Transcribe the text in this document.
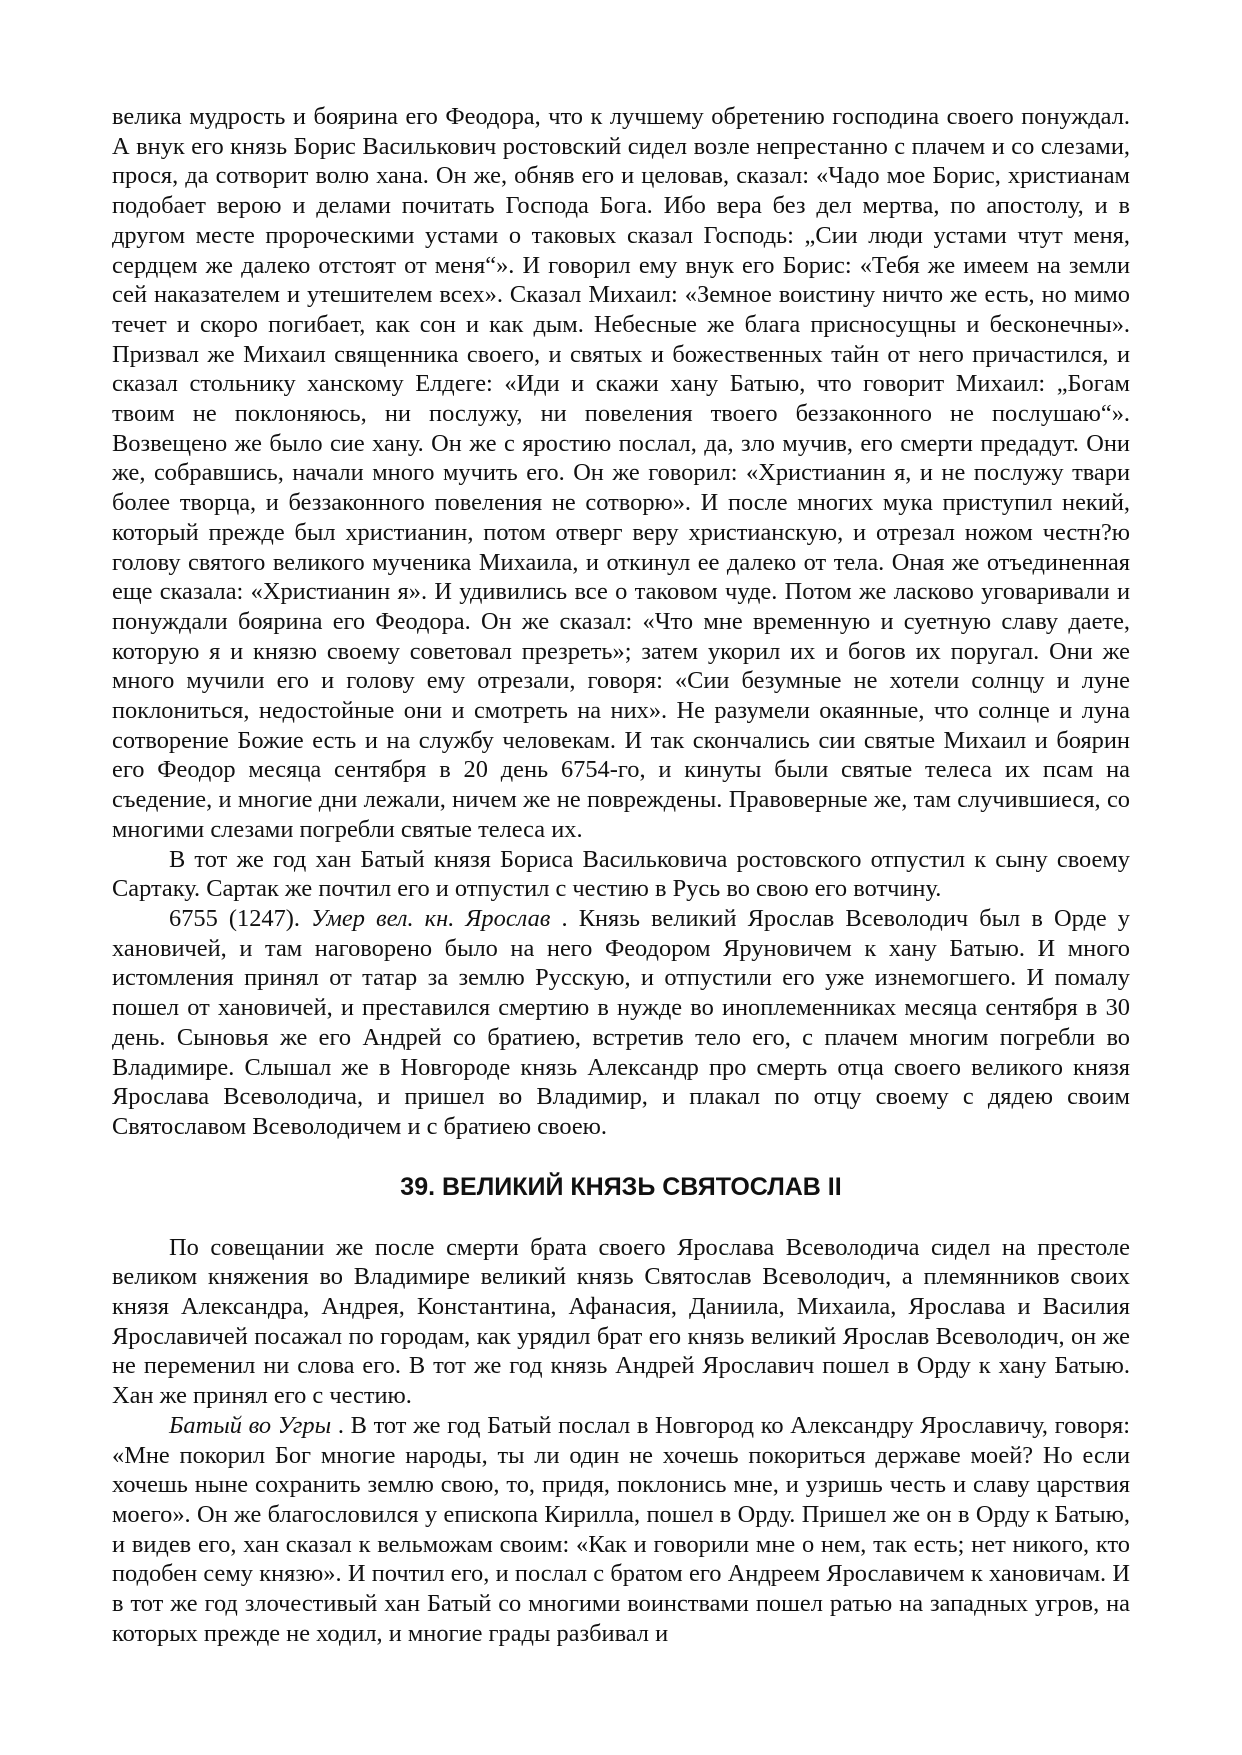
велика мудрость и боярина его Феодора, что к лучшему обретению господина своего понуждал. А внук его князь Борис Василькович ростовский сидел возле непрестанно с плачем и со слезами, прося, да сотворит волю хана. Он же, обняв его и целовав, сказал: «Чадо мое Борис, христианам подобает верою и делами почитать Господа Бога. Ибо вера без дел мертва, по апостолу, и в другом месте пророческими устами о таковых сказал Господь: „Сии люди устами чтут меня, сердцем же далеко отстоят от меня“». И говорил ему внук его Борис: «Тебя же имеем на земли сей наказателем и утешителем всех». Сказал Михаил: «Земное воистину ничто же есть, но мимо течет и скоро погибает, как сон и как дым. Небесные же блага присносущны и бесконечны». Призвал же Михаил священника своего, и святых и божественных тайн от него причастился, и сказал стольнику ханскому Елдеге: «Иди и скажи хану Батыю, что говорит Михаил: „Богам твоим не поклоняюсь, ни послужу, ни повеления твоего беззаконного не послушаю“». Возвещено же было сие хану. Он же с яростию послал, да, зло мучив, его смерти предадут. Они же, собравшись, начали много мучить его. Он же говорил: «Христианин я, и не послужу твари более творца, и беззаконного повеления не сотворю». И после многих мука приступил некий, который прежде был христианин, потом отверг веру христианскую, и отрезал ножом честн?ю голову святого великого мученика Михаила, и откинул ее далеко от тела. Оная же отъединенная еще сказала: «Христианин я». И удивились все о таковом чуде. Потом же ласково уговаривали и понуждали боярина его Феодора. Он же сказал: «Что мне временную и суетную славу даете, которую я и князю своему советовал презреть»; затем укорил их и богов их поругал. Они же много мучили его и голову ему отрезали, говоря: «Сии безумные не хотели солнцу и луне поклониться, недостойные они и смотреть на них». Не разумели окаянные, что солнце и луна сотворение Божие есть и на службу человекам. И так скончались сии святые Михаил и боярин его Феодор месяца сентября в 20 день 6754-го, и кинуты были святые телеса их псам на съедение, и многие дни лежали, ничем же не повреждены. Правоверные же, там случившиеся, со многими слезами погребли святые телеса их.

В тот же год хан Батый князя Бориса Васильковича ростовского отпустил к сыну своему Сартаку. Сартак же почтил его и отпустил с честию в Русь во свою его вотчину.

6755 (1247). Умер вел. кн. Ярослав . Князь великий Ярослав Всеволодич был в Орде у хановичей, и там наговорено было на него Феодором Яруновичем к хану Батыю. И много истомления принял от татар за землю Русскую, и отпустили его уже изнемогшего. И помалу пошел от хановичей, и преставился смертию в нужде во иноплеменниках месяца сентября в 30 день. Сыновья же его Андрей со братиею, встретив тело его, с плачем многим погребли во Владимире. Слышал же в Новгороде князь Александр про смерть отца своего великого князя Ярослава Всеволодича, и пришел во Владимир, и плакал по отцу своему с дядею своим Святославом Всеволодичем и с братиею своею.

39. ВЕЛИКИЙ КНЯЗЬ СВЯТОСЛАВ II

По совещании же после смерти брата своего Ярослава Всеволодича сидел на престоле великом княжения во Владимире великий князь Святослав Всеволодич, а племянников своих князя Александра, Андрея, Константина, Афанасия, Даниила, Михаила, Ярослава и Василия Ярославичей посажал по городам, как урядил брат его князь великий Ярослав Всеволодич, он же не переменил ни слова его. В тот же год князь Андрей Ярославич пошел в Орду к хану Батыю. Хан же принял его с честию.

Батый во Угры . В тот же год Батый послал в Новгород ко Александру Ярославичу, говоря: «Мне покорил Бог многие народы, ты ли один не хочешь покориться державе моей? Но если хочешь ныне сохранить землю свою, то, придя, поклонись мне, и узришь честь и славу царствия моего». Он же благословился у епископа Кирилла, пошел в Орду. Пришел же он в Орду к Батыю, и видев его, хан сказал к вельможам своим: «Как и говорили мне о нем, так есть; нет никого, кто подобен сему князю». И почтил его, и послал с братом его Андреем Ярославичем к хановичам. И в тот же год злочестивый хан Батый со многими воинствами пошел ратью на западных угров, на которых прежде не ходил, и многие грады разбивал и
